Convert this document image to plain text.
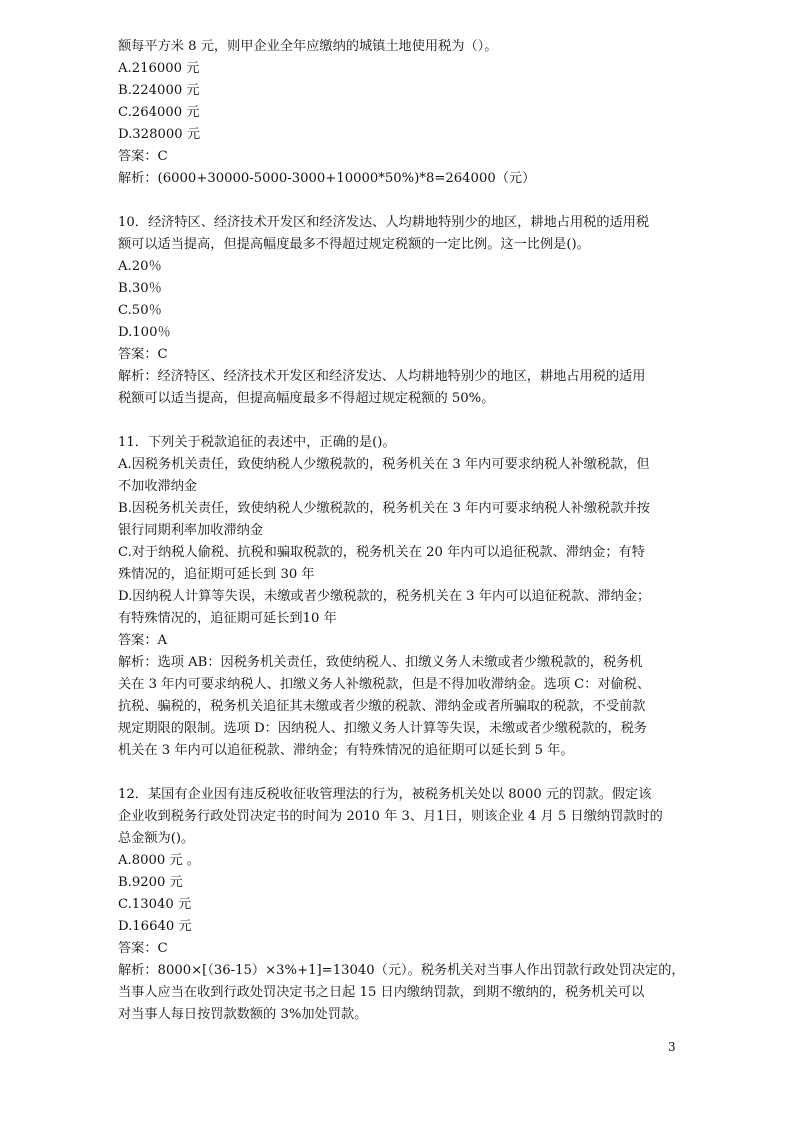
额每平方米 8 元，则甲企业全年应缴纳的城镇土地使用税为（）。
A.216000 元
B.224000 元
C.264000 元
D.328000 元
答案：C
解析：(6000+30000-5000-3000+10000*50%)*8=264000（元）
10．经济特区、经济技术开发区和经济发达、人均耕地特别少的地区，耕地占用税的适用税
额可以适当提高，但提高幅度最多不得超过规定税额的一定比例。这一比例是()。
A.20％
B.30％
C.50％
D.100％
答案：C
解析：经济特区、经济技术开发区和经济发达、人均耕地特别少的地区，耕地占用税的适用
税额可以适当提高，但提高幅度最多不得超过规定税额的 50%。
11．下列关于税款追征的表述中，正确的是()。
A.因税务机关责任，致使纳税人少缴税款的，税务机关在 3 年内可要求纳税人补缴税款，但
不加收滞纳金
B.因税务机关责任，致使纳税人少缴税款的，税务机关在 3 年内可要求纳税人补缴税款并按
银行同期利率加收滞纳金
C.对于纳税人偷税、抗税和骗取税款的，税务机关在 20 年内可以追征税款、滞纳金；有特
殊情况的，追征期可延长到 30 年
D.因纳税人计算等失误，未缴或者少缴税款的，税务机关在 3 年内可以追征税款、滞纳金；
有特殊情况的，追征期可延长到10 年
答案：A
解析：选项 AB：因税务机关责任，致使纳税人、扣缴义务人未缴或者少缴税款的，税务机
关在 3 年内可要求纳税人、扣缴义务人补缴税款，但是不得加收滞纳金。选项 C：对偷税、
抗税、骗税的，税务机关追征其未缴或者少缴的税款、滞纳金或者所骗取的税款，不受前款
规定期限的限制。选项 D：因纳税人、扣缴义务人计算等失误，未缴或者少缴税款的，税务
机关在 3 年内可以追征税款、滞纳金；有特殊情况的追征期可以延长到 5 年。
12．某国有企业因有违反税收征收管理法的行为，被税务机关处以 8000 元的罚款。假定该
企业收到税务行政处罚决定书的时间为 2010 年 3、月1日，则该企业 4 月 5 日缴纳罚款时的
总金额为()。
A.8000 元 。
B.9200 元
C.13040 元
D.16640 元
答案：C
解析：8000×[（36-15）×3%+1]=13040（元）。税务机关对当事人作出罚款行政处罚决定的，
当事人应当在收到行政处罚决定书之日起 15 日内缴纳罚款，到期不缴纳的，税务机关可以
对当事人每日按罚款数额的 3%加处罚款。
3
